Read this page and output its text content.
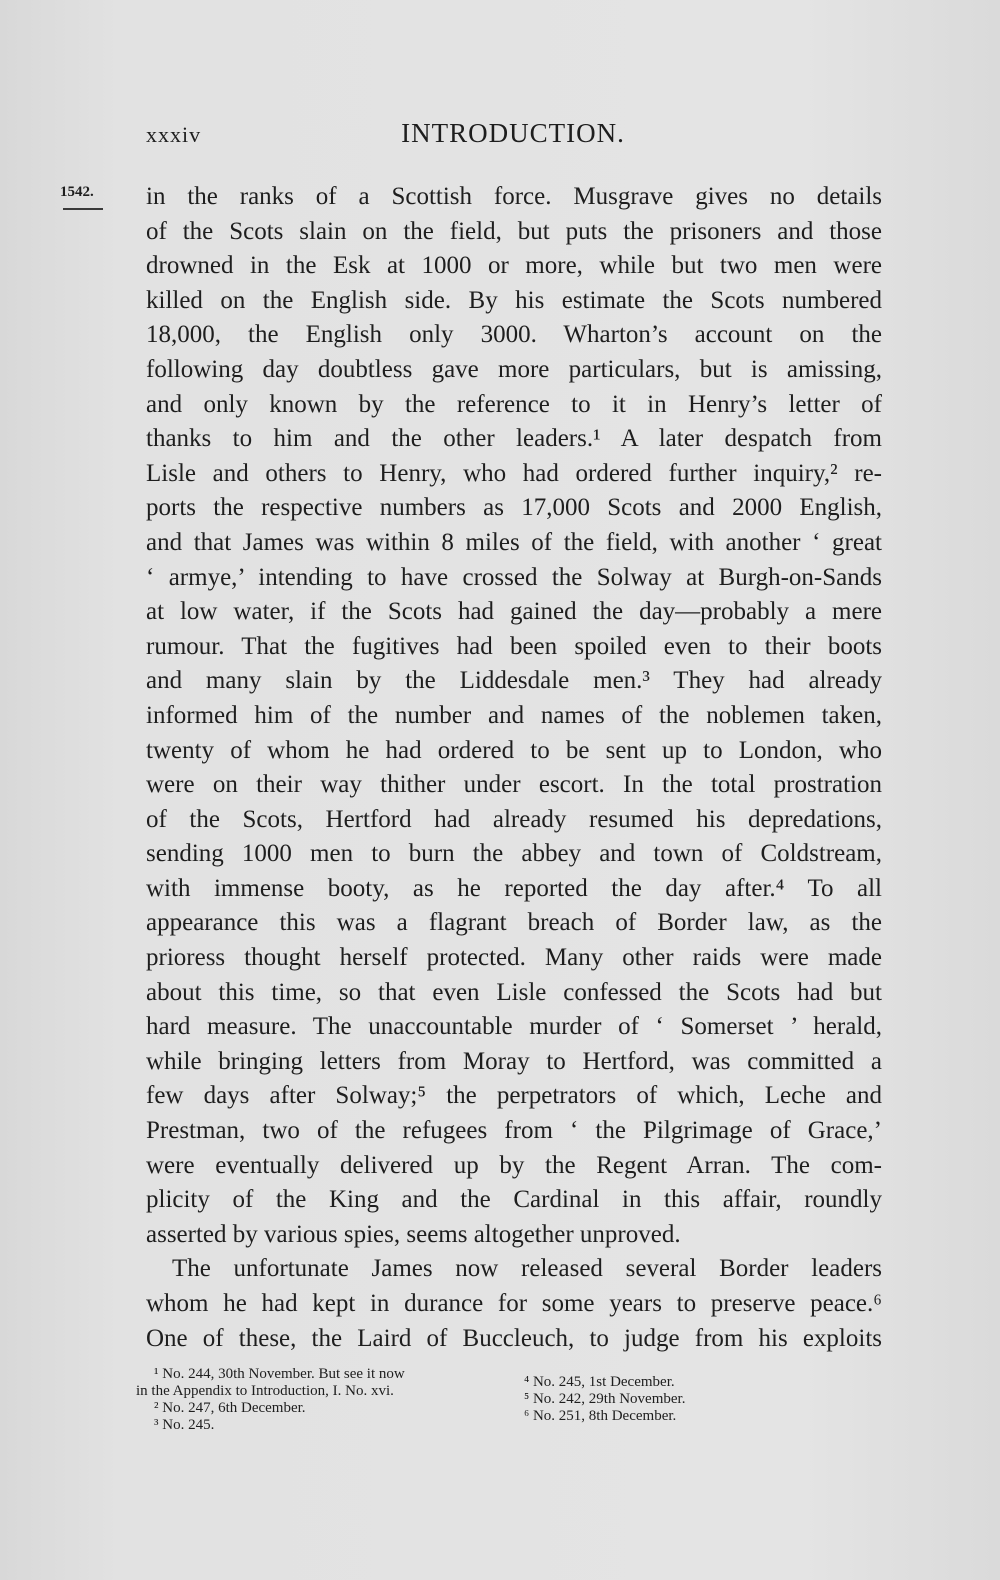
xxxiv	INTRODUCTION.
1542. in the ranks of a Scottish force. Musgrave gives no details
of the Scots slain on the field, but puts the prisoners and those
drowned in the Esk at 1000 or more, while but two men were
killed on the English side. By his estimate the Scots numbered
18,000, the English only 3000. Wharton’s account on the
following day doubtless gave more particulars, but is amissing,
and only known by the reference to it in Henry’s letter of
thanks to him and the other leaders.¹ A later despatch from
Lisle and others to Henry, who had ordered further inquiry,² re-
ports the respective numbers as 17,000 Scots and 2000 English,
and that James was within 8 miles of the field, with another ‘ great
‘ armye,’ intending to have crossed the Solway at Burgh-on-Sands
at low water, if the Scots had gained the day—probably a mere
rumour. That the fugitives had been spoiled even to their boots
and many slain by the Liddesdale men.³ They had already
informed him of the number and names of the noblemen taken,
twenty of whom he had ordered to be sent up to London, who
were on their way thither under escort. In the total prostration
of the Scots, Hertford had already resumed his depredations,
sending 1000 men to burn the abbey and town of Coldstream,
with immense booty, as he reported the day after.⁴ To all
appearance this was a flagrant breach of Border law, as the
prioress thought herself protected. Many other raids were made
about this time, so that even Lisle confessed the Scots had but
hard measure. The unaccountable murder of ‘ Somerset ’ herald,
while bringing letters from Moray to Hertford, was committed a
few days after Solway;⁵ the perpetrators of which, Leche and
Prestman, two of the refugees from ‘ the Pilgrimage of Grace,’
were eventually delivered up by the Regent Arran. The com-
plicity of the King and the Cardinal in this affair, roundly
asserted by various spies, seems altogether unproved.
The unfortunate James now released several Border leaders
whom he had kept in durance for some years to preserve peace.⁶
One of these, the Laird of Buccleuch, to judge from his exploits
¹ No. 244, 30th November. But see it now
in the Appendix to Introduction, I. No. xvi.
² No. 247, 6th December.
³ No. 245.
⁴ No. 245, 1st December.
⁵ No. 242, 29th November.
⁶ No. 251, 8th December.
